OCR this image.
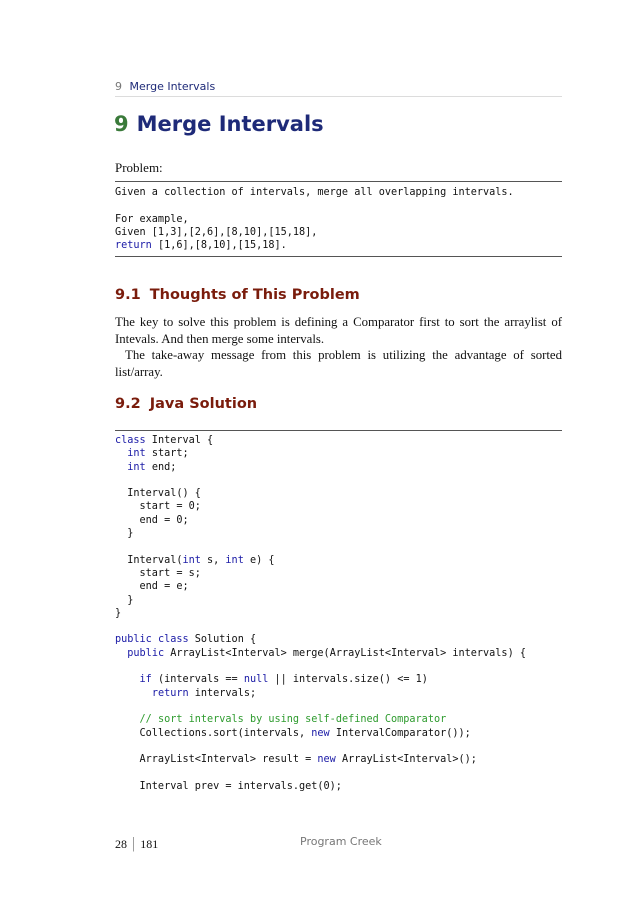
9 Merge Intervals
9 Merge Intervals
Problem:
Given a collection of intervals, merge all overlapping intervals.

For example,
Given [1,3],[2,6],[8,10],[15,18],
return [1,6],[8,10],[15,18].
9.1 Thoughts of This Problem

The key to solve this problem is defining a Comparator first to sort the arraylist of Intevals. And then merge some intervals.

The take-away message from this problem is utilizing the advantage of sorted list/array.

9.2 Java Solution
class Interval {
int start;
int end;

Interval() {
start = 0;
end = 0;
}

Interval(int s, int e) {
start = s;
end = e;
}
}

public class Solution {
public ArrayList<Interval> merge(ArrayList<Interval> intervals) {

if (intervals == null || intervals.size() <= 1)
return intervals;

// sort intervals by using self-defined Comparator
Collections.sort(intervals, new IntervalComparator());

ArrayList<Interval> result = new ArrayList<Interval>();

Interval prev = intervals.get(0);
28 | 181	Program Creek
